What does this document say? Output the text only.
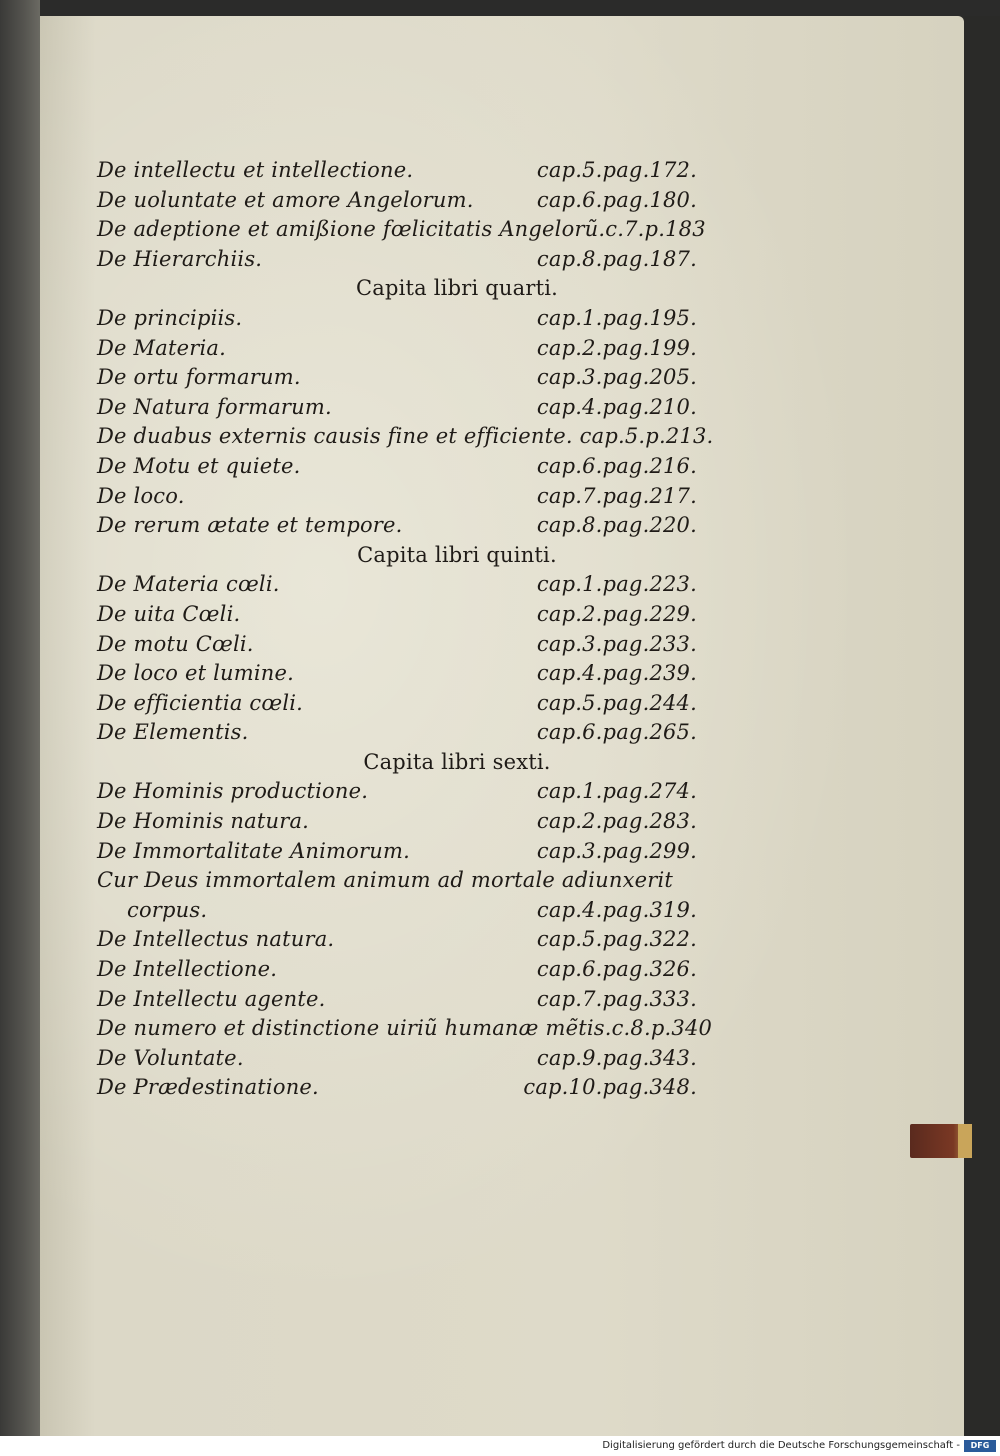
De intellectu et intellectione.	cap.5.pag.172.
De uoluntate et amore Angelorum.	cap.6.pag.180.
De adeptione et amißione fœlicitatis Angelorũ.c.7.p.183
De Hierarchiis.	cap.8.pag.187.
Capita libri quarti.
De principiis.	cap.1.pag.195.
De Materia.	cap.2.pag.199.
De ortu formarum.	cap.3.pag.205.
De Natura formarum.	cap.4.pag.210.
De duabus externis causis fine et efficiente. cap.5.p.213.
De Motu et quiete.	cap.6.pag.216.
De loco.	cap.7.pag.217.
De rerum ætate et tempore.	cap.8.pag.220.
Capita libri quinti.
De Materia cœli.	cap.1.pag.223.
De uita Cœli.	cap.2.pag.229.
De motu Cœli.	cap.3.pag.233.
De loco et lumine.	cap.4.pag.239.
De efficientia cœli.	cap.5.pag.244.
De Elementis.	cap.6.pag.265.
Capita libri sexti.
De Hominis productione.	cap.1.pag.274.
De Hominis natura.	cap.2.pag.283.
De Immortalitate Animorum.	cap.3.pag.299.
Cur Deus immortalem animum ad mortale adiunxerit
corpus.	cap.4.pag.319.
De Intellectus natura.	cap.5.pag.322.
De Intellectione.	cap.6.pag.326.
De Intellectu agente.	cap.7.pag.333.
De numero et distinctione uiriũ humanæ mẽtis.c.8.p.340
De Voluntate.	cap.9.pag.343.
De Prædestinatione.	cap.10.pag.348.
Digitalisierung gefördert durch die Deutsche Forschungsgemeinschaft -	DFG
